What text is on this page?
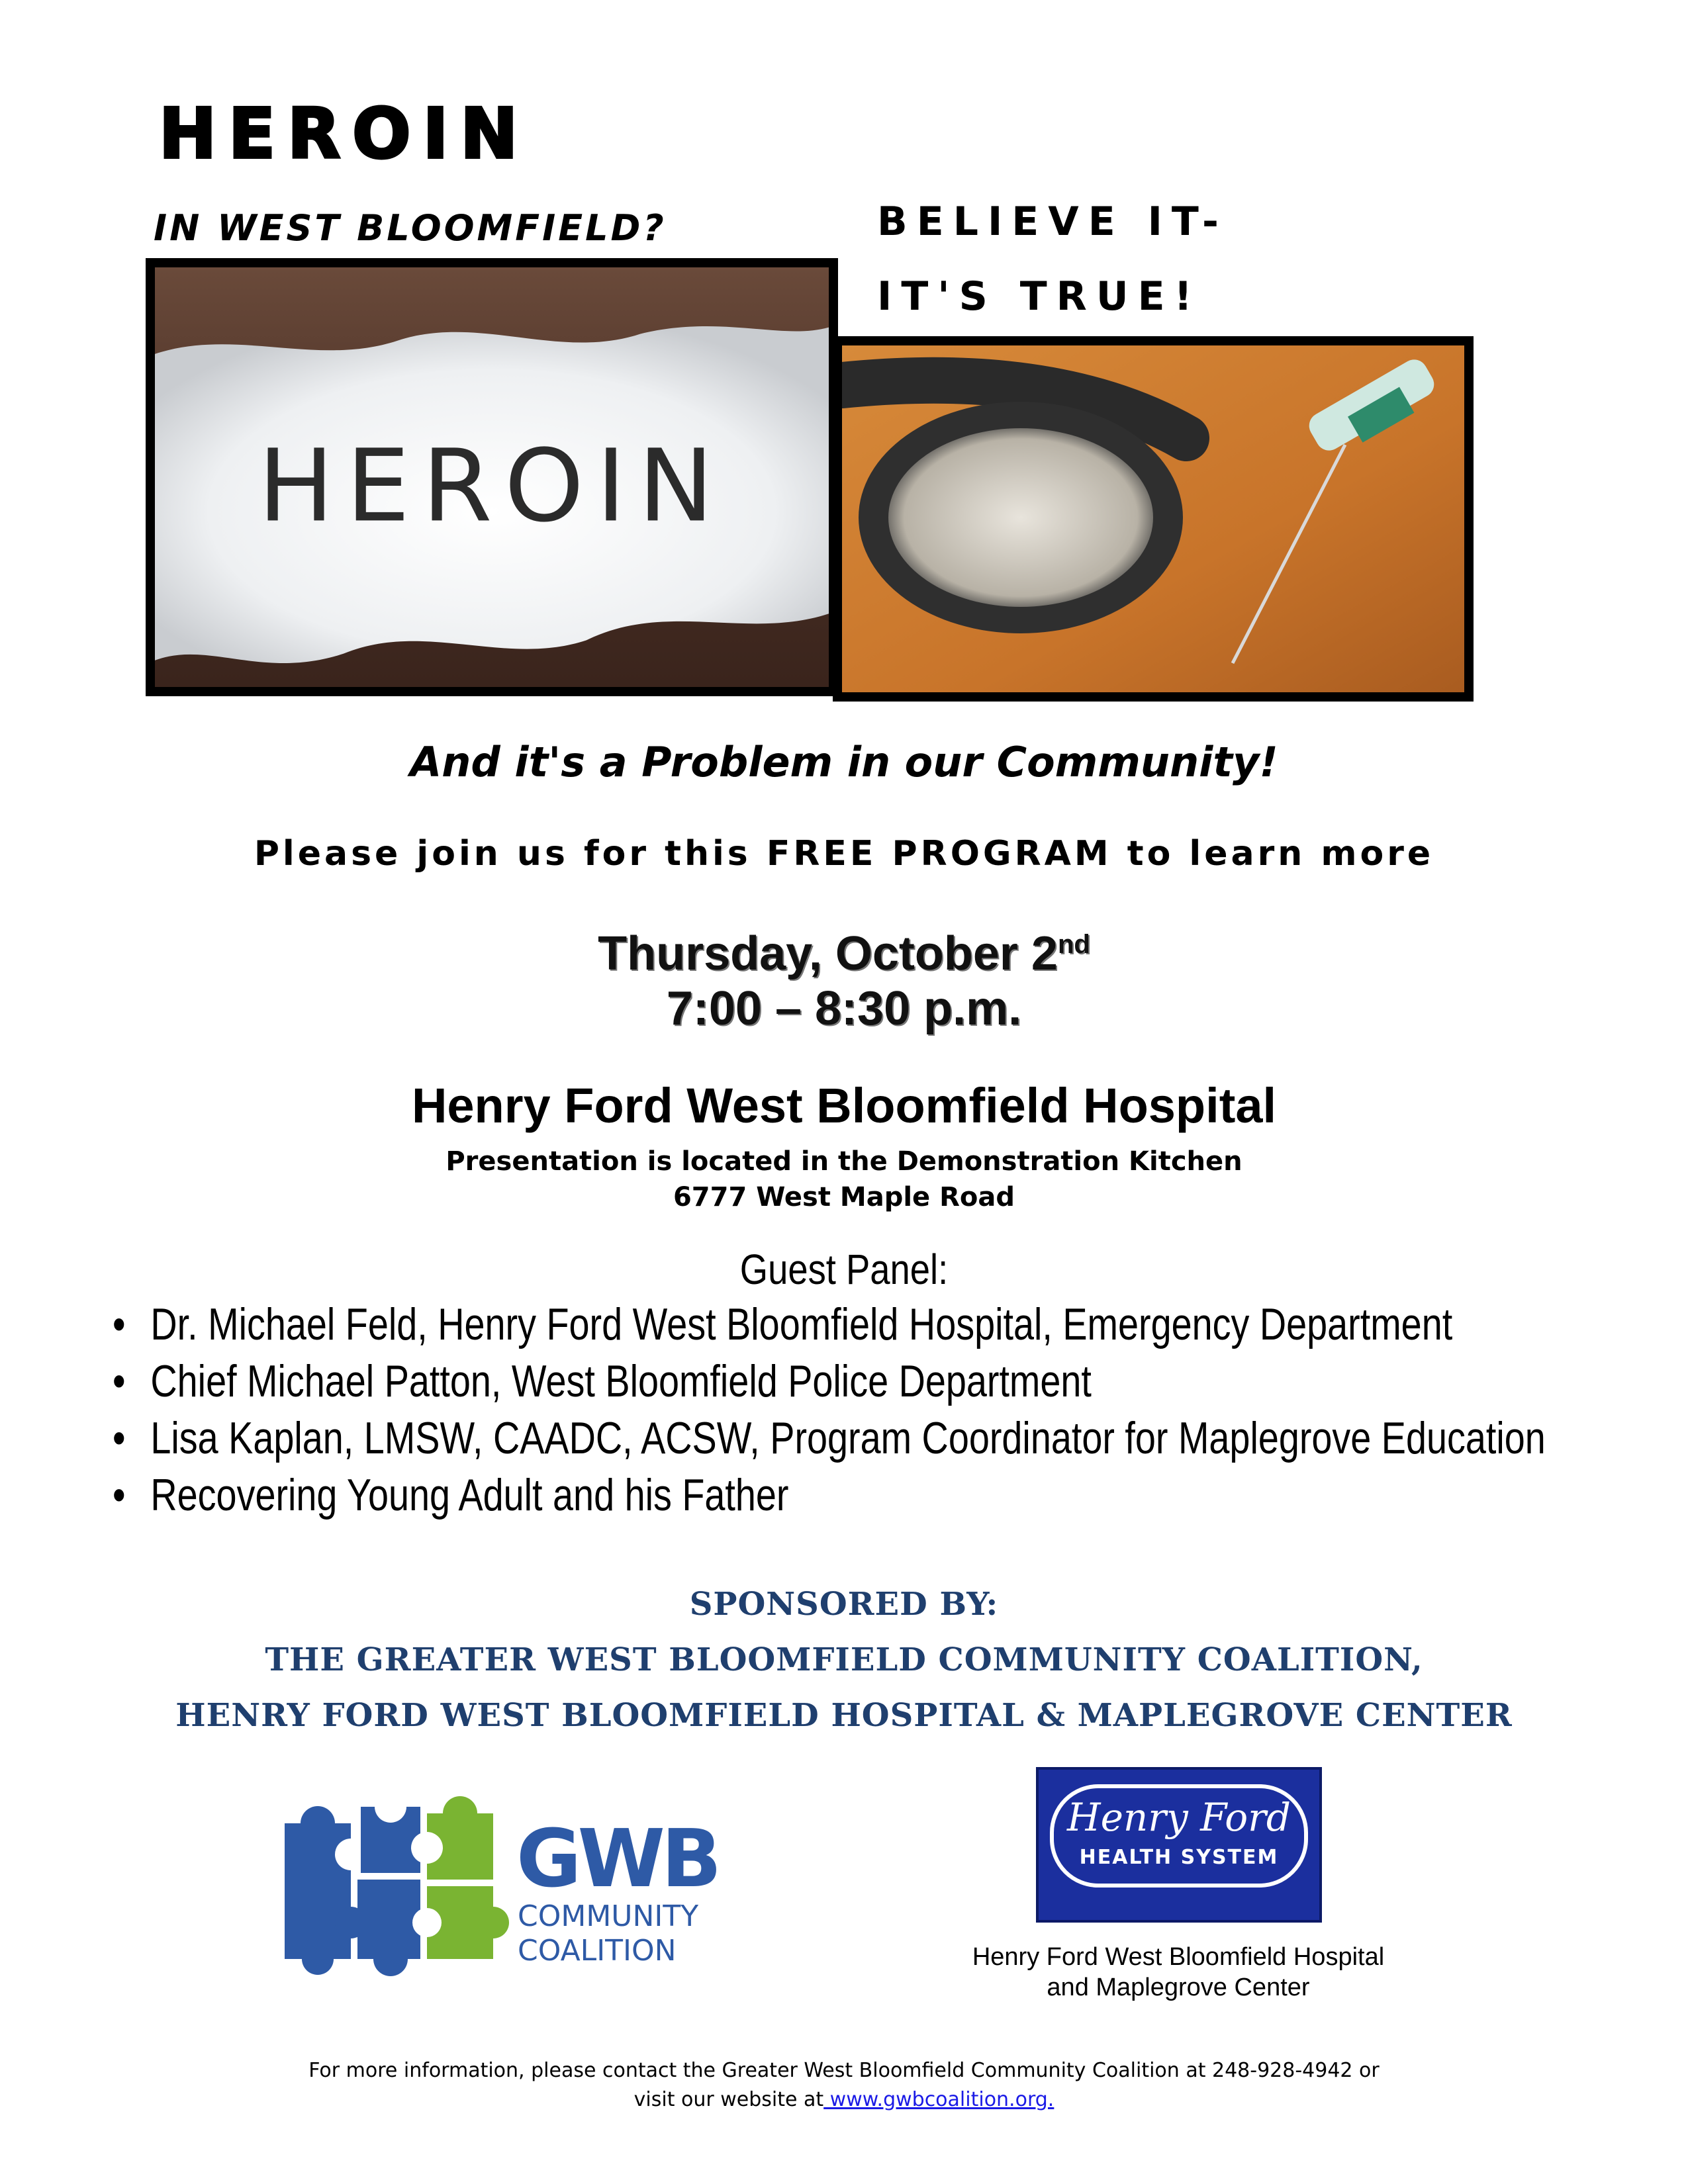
HEROIN
IN WEST BLOOMFIELD?	BELIEVE IT-
IT'S TRUE!
HEROIN
And it's a Problem in our Community!
Please join us for this FREE PROGRAM to learn more
Thursday, October 2nd
7:00 – 8:30 p.m.
Henry Ford West Bloomfield Hospital
Presentation is located in the Demonstration Kitchen
6777 West Maple Road
Guest Panel:
• Dr. Michael Feld, Henry Ford West Bloomfield Hospital, Emergency Department
• Chief Michael Patton, West Bloomfield Police Department
• Lisa Kaplan, LMSW, CAADC, ACSW, Program Coordinator for Maplegrove Education
• Recovering Young Adult and his Father
SPONSORED BY:
THE GREATER WEST BLOOMFIELD COMMUNITY COALITION,
HENRY FORD WEST BLOOMFIELD HOSPITAL & MAPLEGROVE CENTER
GWB
COMMUNITY
COALITION
Henry Ford
HEALTH SYSTEM
Henry Ford West Bloomfield Hospital
and Maplegrove Center
For more information, please contact the Greater West Bloomfield Community Coalition at 248-928-4942 or
visit our website at www.gwbcoalition.org.
